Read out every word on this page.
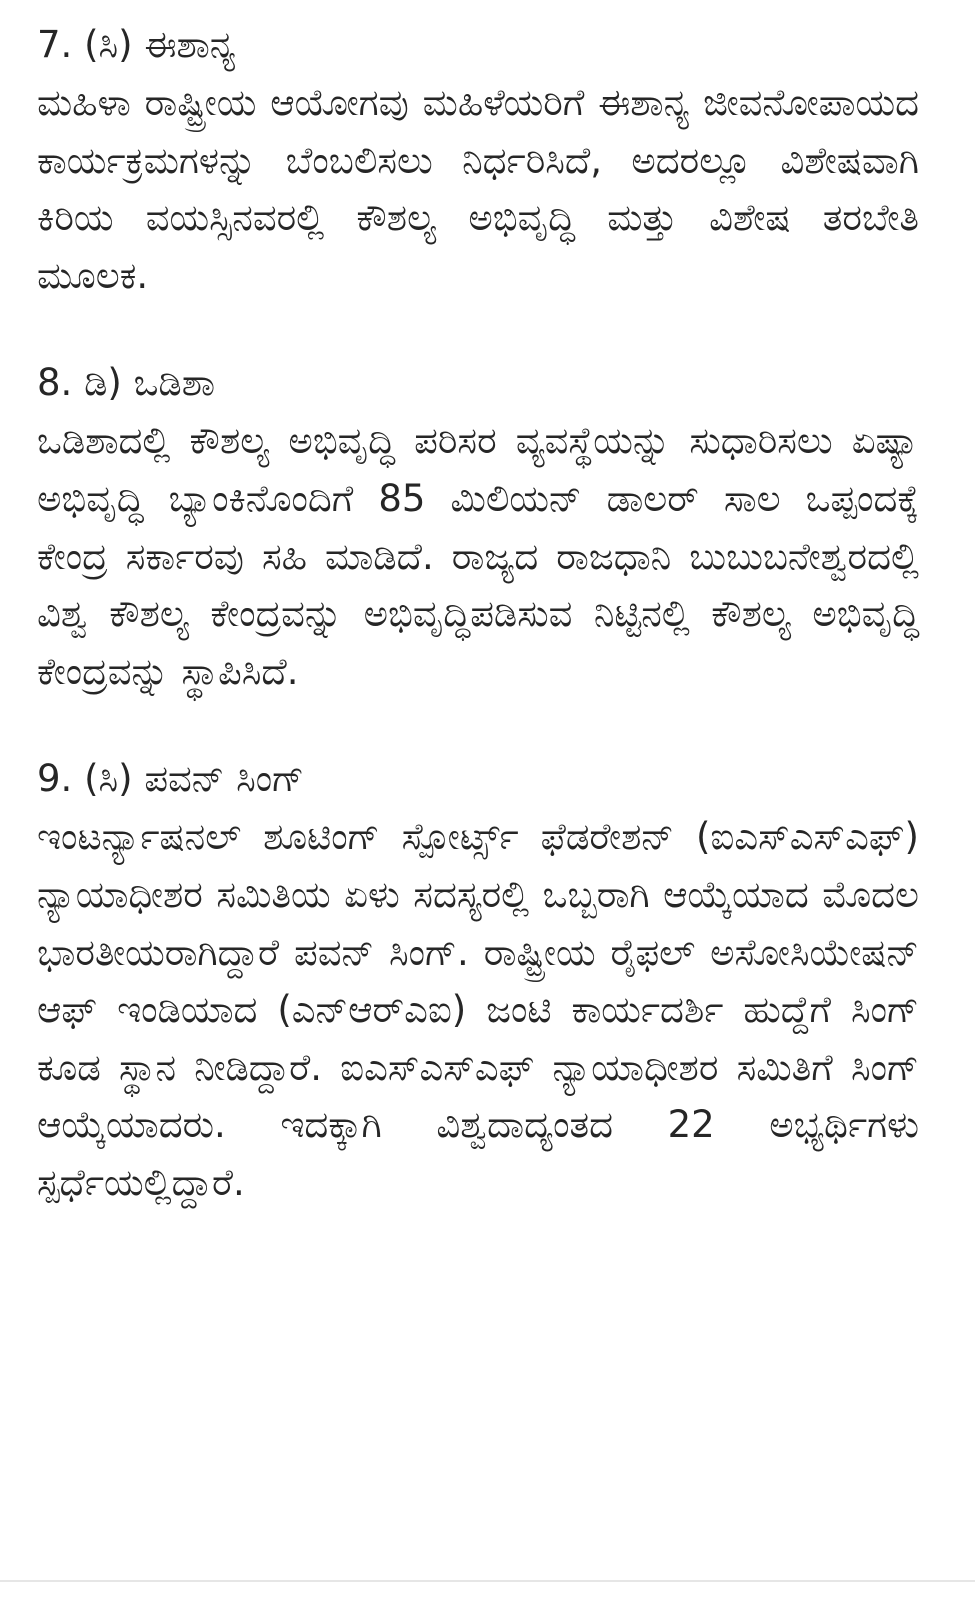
7. (ಸಿ) ಈಶಾನ್ಯ

ಮಹಿಳಾ ರಾಷ್ಟ್ರೀಯ ಆಯೋಗವು ಮಹಿಳೆಯರಿಗೆ ಈಶಾನ್ಯ ಜೀವನೋಪಾಯದ ಕಾರ್ಯಕ್ರಮಗಳನ್ನು ಬೆಂಬಲಿಸಲು ನಿರ್ಧರಿಸಿದೆ, ಅದರಲ್ಲೂ ವಿಶೇಷವಾಗಿ ಕಿರಿಯ ವಯಸ್ಸಿನವರಲ್ಲಿ ಕೌಶಲ್ಯ ಅಭಿವೃದ್ಧಿ ಮತ್ತು ವಿಶೇಷ ತರಬೇತಿ ಮೂಲಕ.

8. ಡಿ) ಒಡಿಶಾ

ಒಡಿಶಾದಲ್ಲಿ ಕೌಶಲ್ಯ ಅಭಿವೃದ್ಧಿ ಪರಿಸರ ವ್ಯವಸ್ಥೆಯನ್ನು ಸುಧಾರಿಸಲು ಏಷ್ಯಾ ಅಭಿವೃದ್ಧಿ ಬ್ಯಾಂಕಿನೊಂದಿಗೆ 85 ಮಿಲಿಯನ್ ಡಾಲರ್ ಸಾಲ ಒಪ್ಪಂದಕ್ಕೆ ಕೇಂದ್ರ ಸರ್ಕಾರವು ಸಹಿ ಮಾಡಿದೆ. ರಾಜ್ಯದ ರಾಜಧಾನಿ ಬುಬುಬನೇಶ್ವರದಲ್ಲಿ ವಿಶ್ವ ಕೌಶಲ್ಯ ಕೇಂದ್ರವನ್ನು ಅಭಿವೃದ್ಧಿಪಡಿಸುವ ನಿಟ್ಟಿನಲ್ಲಿ ಕೌಶಲ್ಯ ಅಭಿವೃದ್ಧಿ ಕೇಂದ್ರವನ್ನು ಸ್ಥಾಪಿಸಿದೆ.

9. (ಸಿ) ಪವನ್ ಸಿಂಗ್

ಇಂಟರ್ನ್ಯಾಷನಲ್ ಶೂಟಿಂಗ್ ಸ್ಪೋರ್ಟ್ಸ್ ಫೆಡರೇಶನ್ (ಐಎಸ್‌ಎಸ್‌ಎಫ್) ನ್ಯಾಯಾಧೀಶರ ಸಮಿತಿಯ ಏಳು ಸದಸ್ಯರಲ್ಲಿ ಒಬ್ಬರಾಗಿ ಆಯ್ಕೆಯಾದ ಮೊದಲ ಭಾರತೀಯರಾಗಿದ್ದಾರೆ ಪವನ್ ಸಿಂಗ್. ರಾಷ್ಟ್ರೀಯ ರೈಫಲ್ ಅಸೋಸಿಯೇಷನ್ ಆಫ್ ಇಂಡಿಯಾದ (ಎನ್‌ಆರ್‌ಎಐ) ಜಂಟಿ ಕಾರ್ಯದರ್ಶಿ ಹುದ್ದೆಗೆ ಸಿಂಗ್ ಕೂಡ ಸ್ಥಾನ ನೀಡಿದ್ದಾರೆ. ಐಎಸ್‌ಎಸ್‌ಎಫ್ ನ್ಯಾಯಾಧೀಶರ ಸಮಿತಿಗೆ ಸಿಂಗ್ ಆಯ್ಕೆಯಾದರು. ಇದಕ್ಕಾಗಿ ವಿಶ್ವದಾದ್ಯಂತದ 22 ಅಭ್ಯರ್ಥಿಗಳು ಸ್ಪರ್ಧೆಯಲ್ಲಿದ್ದಾರೆ.
